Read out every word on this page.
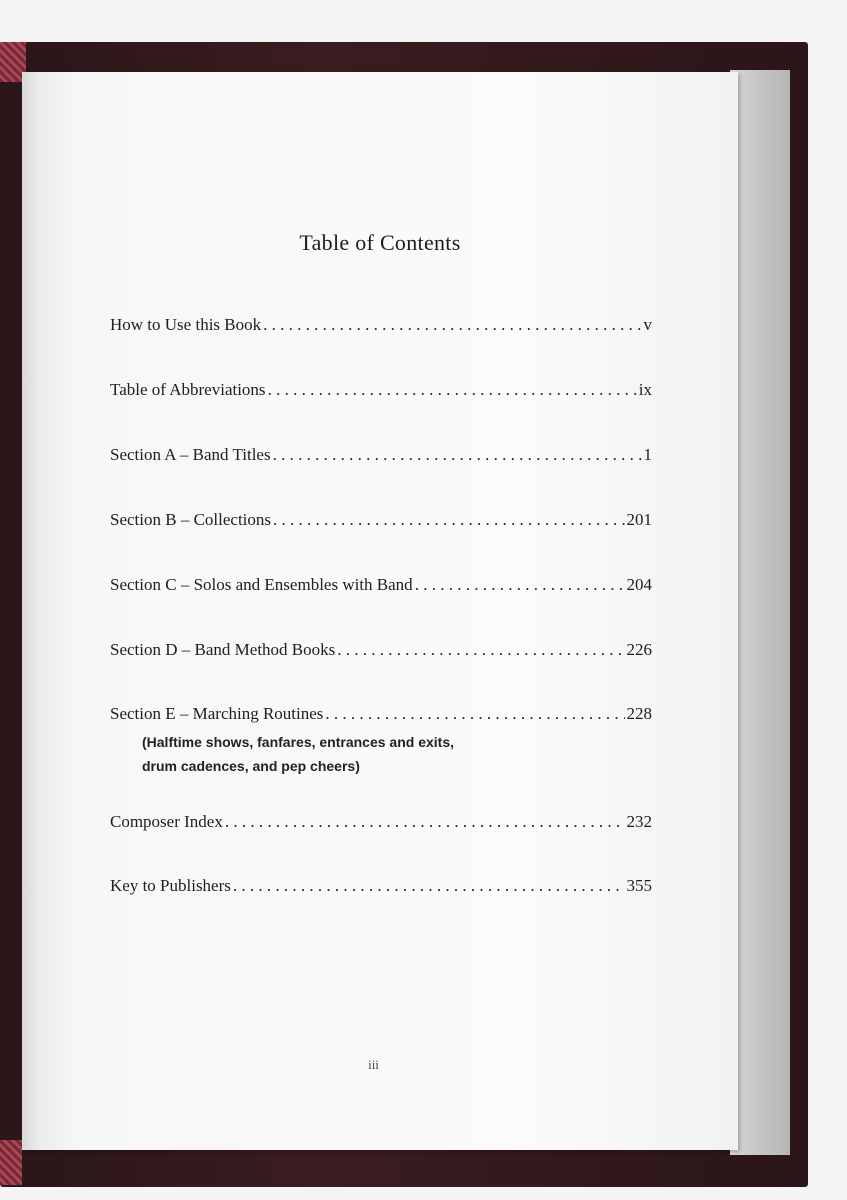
Table of Contents
How to Use this Book . . .	v
Table of Abbreviations . . .	ix
Section A – Band Titles . . .	1
Section B – Collections . . .	201
Section C – Solos and Ensembles with Band . . .	204
Section D – Band Method Books . . .	226
Section E – Marching Routines . . .	228
(Halftime shows, fanfares, entrances and exits,
drum cadences, and pep cheers)
Composer Index . . .	232
Key to Publishers . . .	355
iii
